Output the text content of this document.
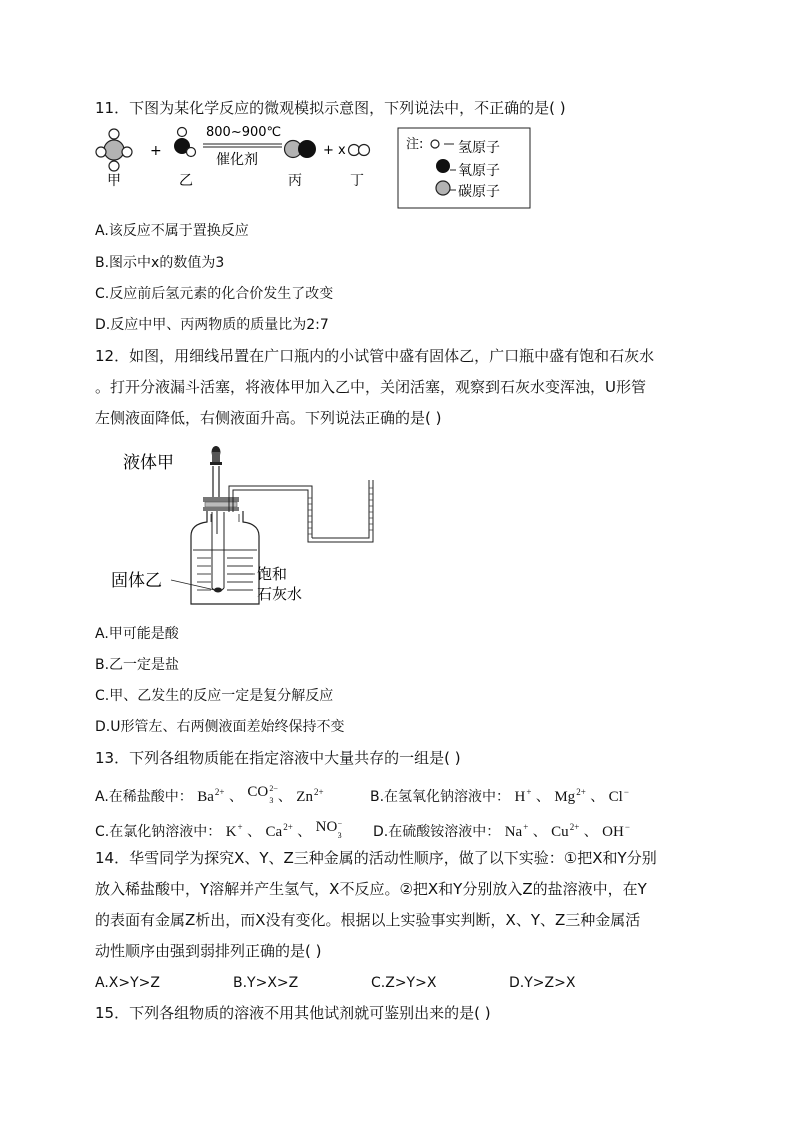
11．下图为某化学反应的微观模拟示意图，下列说法中，不正确的是( )
+
800~900℃
催化剂
+ x
甲	乙	丙	丁
注: 氢原子
氧原子
碳原子
A.该反应不属于置换反应
B.图示中x的数值为3
C.反应前后氢元素的化合价发生了改变
D.反应中甲、丙两物质的质量比为2:7
12．如图，用细线吊置在广口瓶内的小试管中盛有固体乙，广口瓶中盛有饱和石灰水
。打开分液漏斗活塞，将液体甲加入乙中，关闭活塞，观察到石灰水变浑浊，U形管
左侧液面降低，右侧液面升高。下列说法正确的是( )
液体甲
固体乙	饱和
石灰水
A.甲可能是酸
B.乙一定是盐
C.甲、乙发生的反应一定是复分解反应
D.U形管左、右两侧液面差始终保持不变
13．下列各组物质能在指定溶液中大量共存的一组是( )
A.在稀盐酸中： $Ba^{2+}$ 、 CO 2−
3 、 $Zn^{2+}$	B.在氢氧化钠溶液中： H+ 、 $Mg^{2+}$ 、 Cl−
C.在氯化钠溶液中： K+ 、 $Ca^{2+}$ 、 NO −
3 D.在硫酸铵溶液中： Na+ 、 $Cu^{2+}$ 、 OH−
14．华雪同学为探究X、Y、Z三种金属的活动性顺序，做了以下实验：①把X和Y分别
放入稀盐酸中，Y溶解并产生氢气，X不反应。②把X和Y分别放入Z的盐溶液中，在Y
的表面有金属Z析出，而X没有变化。根据以上实验事实判断，X、Y、Z三种金属活
动性顺序由强到弱排列正确的是( )
A.X>Y>Z	B.Y>X>Z	C.Z>Y>X	D.Y>Z>X
15．下列各组物质的溶液不用其他试剂就可鉴别出来的是( )
